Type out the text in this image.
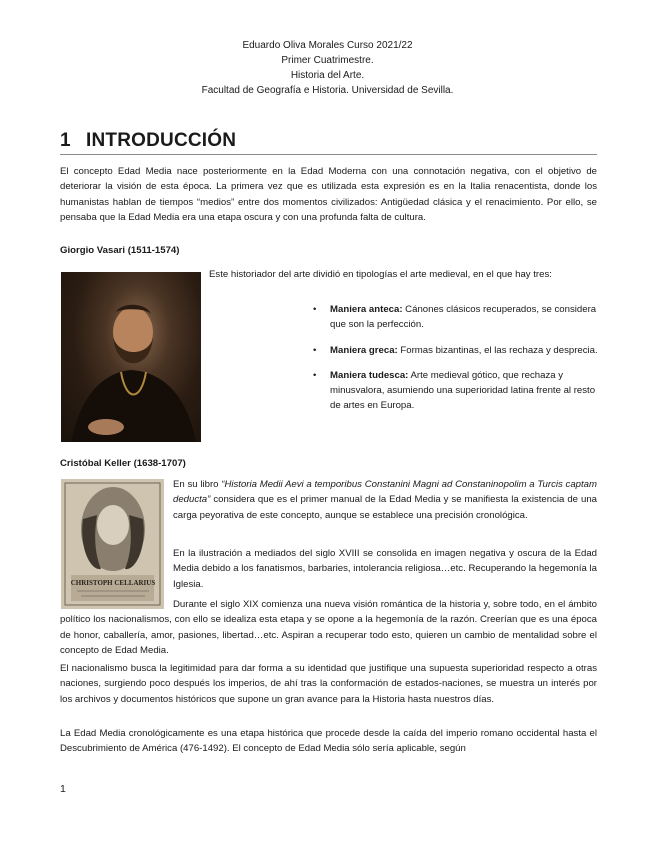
Eduardo Oliva Morales Curso 2021/22
Primer Cuatrimestre.
Historia del Arte.
Facultad de Geografía e Historia. Universidad de Sevilla.
1 INTRODUCCIÓN
El concepto Edad Media nace posteriormente en la Edad Moderna con una connotación negativa, con el objetivo de deteriorar la visión de esta época. La primera vez que es utilizada esta expresión es en la Italia renacentista, donde los humanistas hablan de tiempos “medios” entre dos momentos civilizados: Antigüedad clásica y el renacimiento. Por ello, se pensaba que la Edad Media era una etapa oscura y con una profunda falta de cultura.
Giorgio Vasari (1511-1574)
Este historiador del arte dividió en tipologías el arte medieval, en el que hay tres:
• Maniera anteca: Cánones clásicos recuperados, se considera que son la perfección.
• Maniera greca: Formas bizantinas, el las rechaza y desprecia.
• Maniera tudesca: Arte medieval gótico, que rechaza y minusvalora, asumiendo una superioridad latina frente al resto de artes en Europa.
Cristóbal Keller (1638-1707)
CHRISTOPH CELLARIUS
En su libro “Historia Medii Aevi a temporibus Constanini Magni ad Constaninopolim a Turcis captam deducta” considera que es el primer manual de la Edad Media y se manifiesta la existencia de una carga peyorativa de este concepto, aunque se establece una precisión cronológica.
En la ilustración a mediados del siglo XVIII se consolida en imagen negativa y oscura de la Edad Media debido a los fanatismos, barbaries, intolerancia religiosa…etc. Recuperando la hegemonía la Iglesia.
Durante el siglo XIX comienza una nueva visión romántica de la historia y, sobre todo, en el ámbito político los nacionalismos, con ello se idealiza esta etapa y se opone a la hegemonía de la razón. Creerían que es una época de honor, caballería, amor, pasiones, libertad…etc. Aspiran a recuperar todo esto, quieren un cambio de mentalidad sobre el concepto de Edad Media.
El nacionalismo busca la legitimidad para dar forma a su identidad que justifique una supuesta superioridad respecto a otras naciones, surgiendo poco después los imperios, de ahí tras la conformación de estados-naciones, se muestra un interés por los archivos y documentos históricos que supone un gran avance para la Historia hasta nuestros días.
La Edad Media cronológicamente es una etapa histórica que procede desde la caída del imperio romano occidental hasta el Descubrimiento de América (476-1492). El concepto de Edad Media sólo sería aplicable, según
1
